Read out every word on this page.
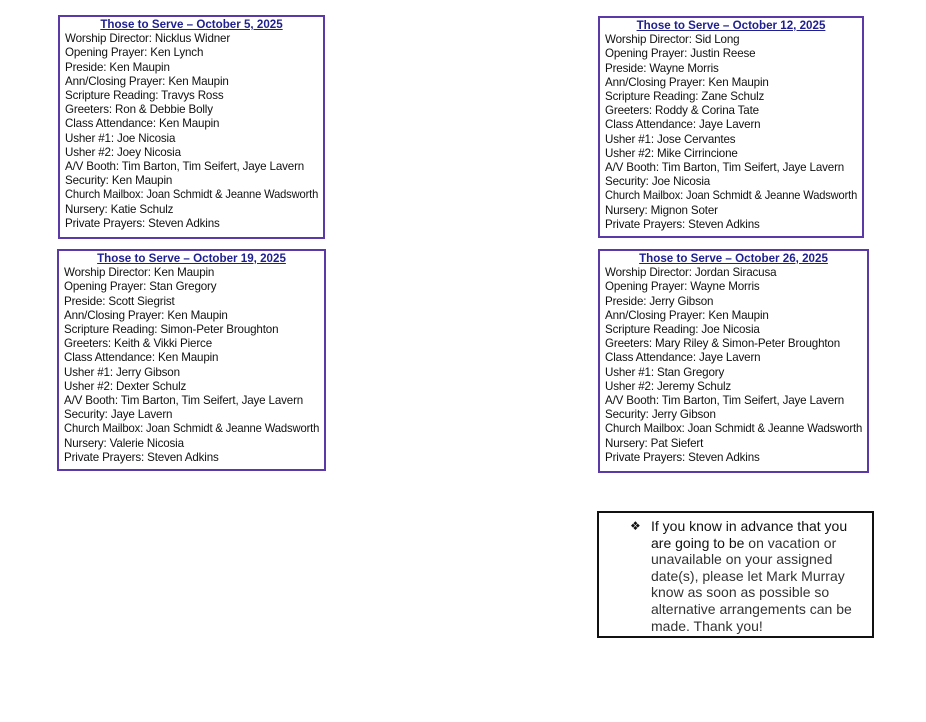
Those to Serve – October 5, 2025
Worship Director: Nicklus Widner
Opening Prayer: Ken Lynch
Preside: Ken Maupin
Ann/Closing Prayer: Ken Maupin
Scripture Reading: Travys Ross
Greeters: Ron & Debbie Bolly
Class Attendance: Ken Maupin
Usher #1: Joe Nicosia
Usher #2: Joey Nicosia
A/V Booth: Tim Barton, Tim Seifert, Jaye Lavern
Security: Ken Maupin
Church Mailbox: Joan Schmidt & Jeanne Wadsworth
Nursery: Katie Schulz
Private Prayers: Steven Adkins
Those to Serve – October 12, 2025
Worship Director: Sid Long
Opening Prayer: Justin Reese
Preside: Wayne Morris
Ann/Closing Prayer: Ken Maupin
Scripture Reading: Zane Schulz
Greeters: Roddy & Corina Tate
Class Attendance: Jaye Lavern
Usher #1: Jose Cervantes
Usher #2: Mike Cirrincione
A/V Booth: Tim Barton, Tim Seifert, Jaye Lavern
Security: Joe Nicosia
Church Mailbox: Joan Schmidt & Jeanne Wadsworth
Nursery: Mignon Soter
Private Prayers: Steven Adkins
Those to Serve – October 19, 2025
Worship Director: Ken Maupin
Opening Prayer: Stan Gregory
Preside: Scott Siegrist
Ann/Closing Prayer: Ken Maupin
Scripture Reading: Simon-Peter Broughton
Greeters: Keith & Vikki Pierce
Class Attendance: Ken Maupin
Usher #1: Jerry Gibson
Usher #2: Dexter Schulz
A/V Booth: Tim Barton, Tim Seifert, Jaye Lavern
Security: Jaye Lavern
Church Mailbox: Joan Schmidt & Jeanne Wadsworth
Nursery: Valerie Nicosia
Private Prayers: Steven Adkins
Those to Serve – October 26, 2025
Worship Director: Jordan Siracusa
Opening Prayer: Wayne Morris
Preside: Jerry Gibson
Ann/Closing Prayer: Ken Maupin
Scripture Reading: Joe Nicosia
Greeters: Mary Riley & Simon-Peter Broughton
Class Attendance: Jaye Lavern
Usher #1: Stan Gregory
Usher #2: Jeremy Schulz
A/V Booth: Tim Barton, Tim Seifert, Jaye Lavern
Security: Jerry Gibson
Church Mailbox: Joan Schmidt & Jeanne Wadsworth
Nursery: Pat Siefert
Private Prayers: Steven Adkins
❖ If you know in advance that you are going to be on vacation or unavailable on your assigned date(s), please let Mark Murray know as soon as possible so alternative arrangements can be made. Thank you!
